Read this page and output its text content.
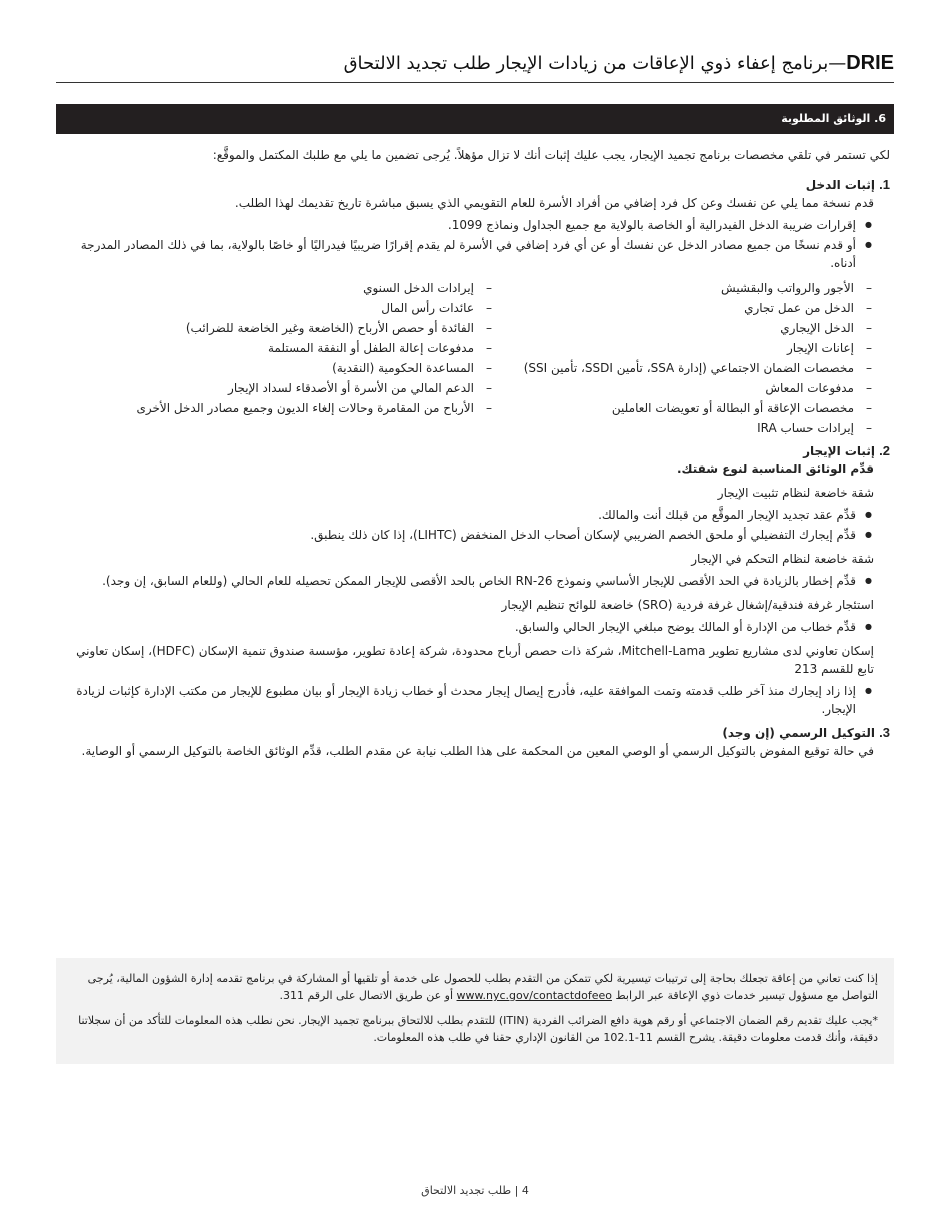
DRIE—برنامج إعفاء ذوي الإعاقات من زيادات الإيجار طلب تجديد الالتحاق
6. الوثائق المطلوبة

لكي تستمر في تلقي مخصصات برنامج تجميد الإيجار، يجب عليك إثبات أنك لا تزال مؤهلاً. يُرجى تضمين ما يلي مع طلبك المكتمل والموقَّع:

1. إثبات الدخل

قدم نسخة مما يلي عن نفسك وعن كل فرد إضافي من أفراد الأسرة للعام التقويمي الذي يسبق مباشرة تاريخ تقديمك لهذا الطلب.
● إقرارات ضريبة الدخل الفيدرالية أو الخاصة بالولاية مع جميع الجداول ونماذج 1099.
● أو قدم نسخًا من جميع مصادر الدخل عن نفسك أو عن أي فرد إضافي في الأسرة لم يقدم إقرارًا ضريبيًا فيدراليًا أو خاصًا بالولاية، بما في ذلك المصادر المدرجة أدناه.
– الأجور والرواتب والبقشيش
– الدخل من عمل تجاري
– الدخل الإيجاري
– إعانات الإيجار
– مخصصات الضمان الاجتماعي (إدارة SSA، تأمين SSDI، تأمين SSI)
– مدفوعات المعاش
– مخصصات الإعاقة أو البطالة أو تعويضات العاملين
– إيرادات حساب IRA
– إيرادات الدخل السنوي
– عائدات رأس المال
– الفائدة أو حصص الأرباح (الخاضعة وغير الخاضعة للضرائب)
– مدفوعات إعالة الطفل أو النفقة المستلمة
– المساعدة الحكومية (النقدية)
– الدعم المالي من الأسرة أو الأصدقاء لسداد الإيجار
– الأرباح من المقامرة وحالات إلغاء الديون وجميع مصادر الدخل الأخرى

2. إثبات الإيجار

قدِّم الوثائق المناسبة لنوع شقتك.
شقة خاضعة لنظام تثبيت الإيجار
● قدِّم عقد تجديد الإيجار الموقَّع من قبلك أنت والمالك.
● قدِّم إيجارك التفضيلي أو ملحق الخصم الضريبي لإسكان أصحاب الدخل المنخفض (LIHTC)، إذا كان ذلك ينطبق.
شقة خاضعة لنظام التحكم في الإيجار
● قدِّم إخطار بالزيادة في الحد الأقصى للإيجار الأساسي ونموذج RN-26 الخاص بالحد الأقصى للإيجار الممكن تحصيله للعام الحالي (وللعام السابق، إن وجد).
استئجار غرفة فندقية/إشغال غرفة فردية (SRO) خاضعة للوائح تنظيم الإيجار
● قدِّم خطاب من الإدارة أو المالك يوضح مبلغي الإيجار الحالي والسابق.
إسكان تعاوني لدى مشاريع تطوير Mitchell-Lama، شركة ذات حصص أرباح محدودة، شركة إعادة تطوير، مؤسسة صندوق تنمية الإسكان (HDFC)، إسكان تعاوني تابع للقسم 213
● إذا زاد إيجارك منذ آخر طلب قدمته وتمت الموافقة عليه، فأدرج إيصال إيجار محدث أو خطاب زيادة الإيجار أو بيان مطبوع للإيجار من مكتب الإدارة كإثبات لزيادة الإيجار.

3. التوكيل الرسمي (إن وجد)

في حالة توقيع المفوض بالتوكيل الرسمي أو الوصي المعين من المحكمة على هذا الطلب نيابة عن مقدم الطلب، قدِّم الوثائق الخاصة بالتوكيل الرسمي أو الوصاية.

إذا كنت تعاني من إعاقة تجعلك بحاجة إلى ترتيبات تيسيرية لكي تتمكن من التقدم بطلب للحصول على خدمة أو تلقيها أو المشاركة في برنامج تقدمه إدارة الشؤون المالية، يُرجى التواصل مع مسؤول تيسير خدمات ذوي الإعاقة عبر الرابط www.nyc.gov/contactdofeeo أو عن طريق الاتصال على الرقم 311.

*يجب عليك تقديم رقم الضمان الاجتماعي أو رقم هوية دافع الضرائب الفردية (ITIN) للتقدم بطلب للالتحاق ببرنامج تجميد الإيجار. نحن نطلب هذه المعلومات للتأكد من أن سجلاتنا دقيقة، وأنك قدمت معلومات دقيقة. يشرح القسم 11-102.1 من القانون الإداري حقنا في طلب هذه المعلومات.

4 | طلب تجديد الالتحاق
